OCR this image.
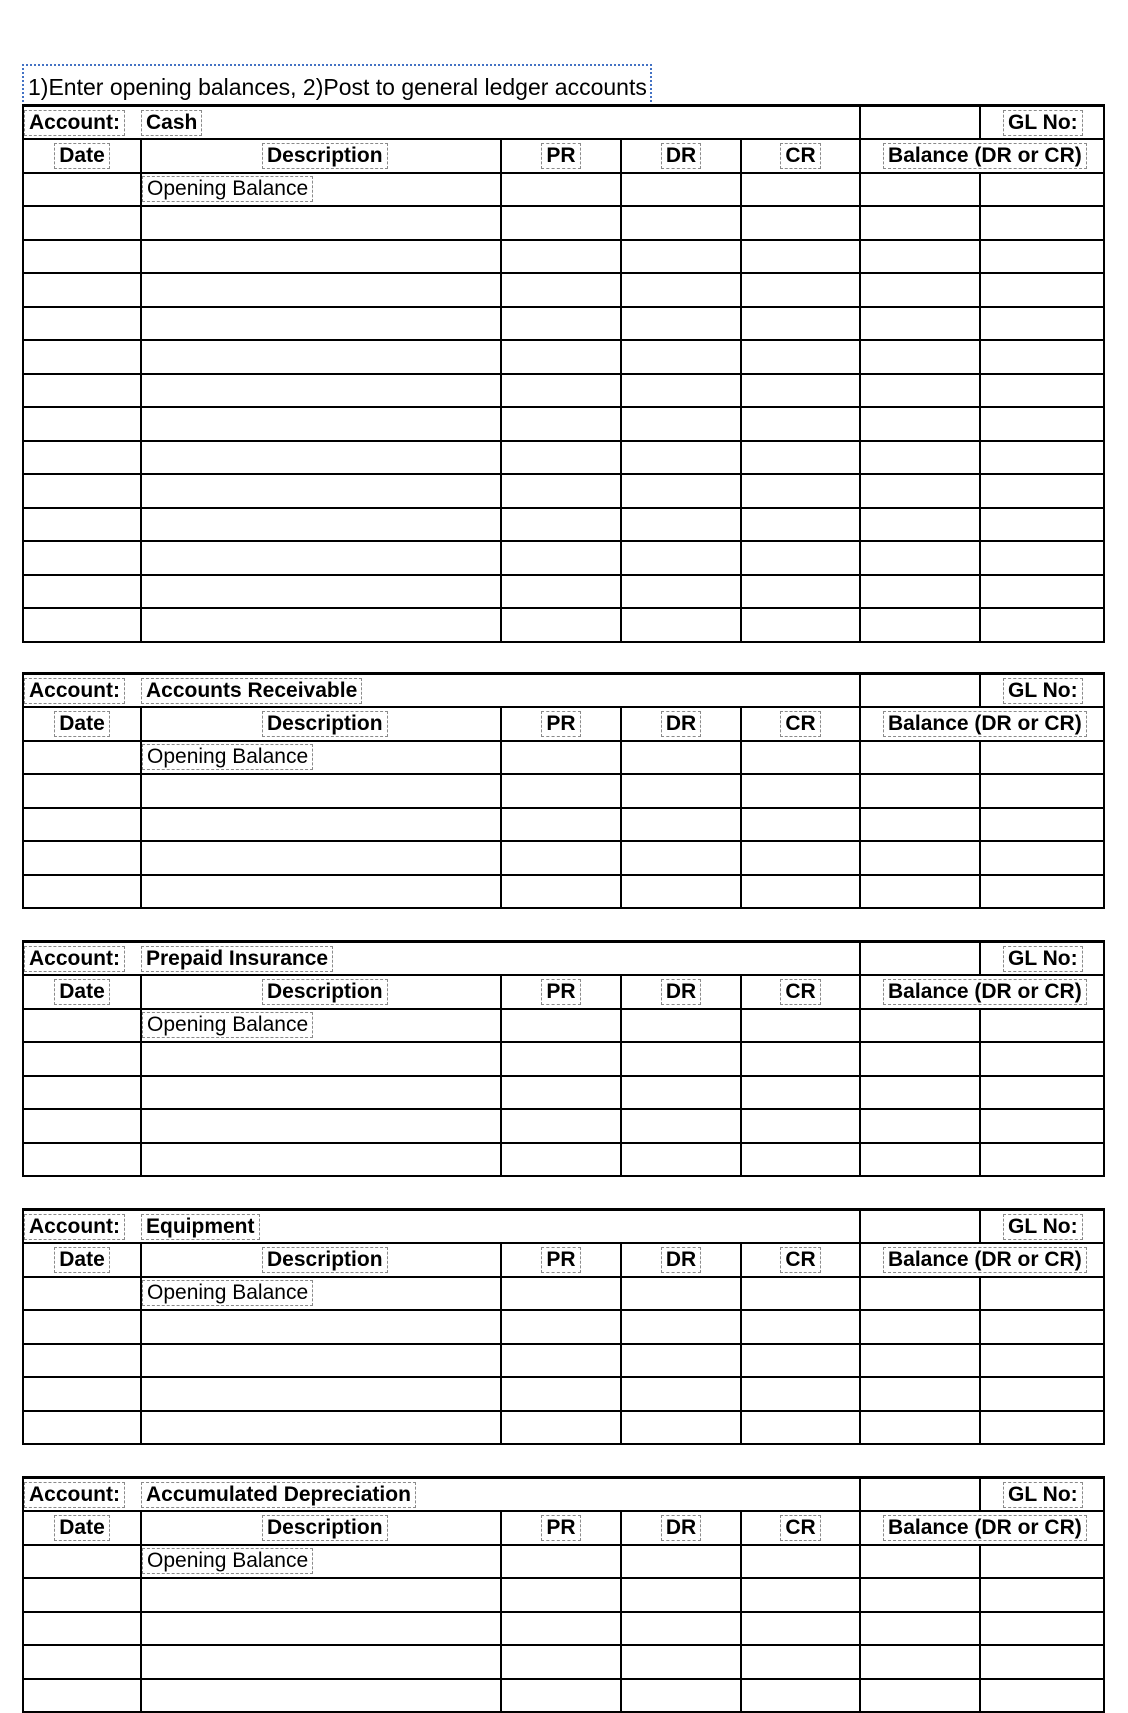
1)Enter opening balances, 2)Post to general ledger accounts
Account:	Cash					GL No:
Date	Description	PR	DR	CR	Balance (DR or CR)	
	Opening Balance					

Account:	Accounts Receivable					GL No:
Date	Description	PR	DR	CR	Balance (DR or CR)	
	Opening Balance					

Account:	Prepaid Insurance					GL No:
Date	Description	PR	DR	CR	Balance (DR or CR)	
	Opening Balance					

Account:	Equipment					GL No:
Date	Description	PR	DR	CR	Balance (DR or CR)	
	Opening Balance					

Account:	Accumulated Depreciation					GL No:
Date	Description	PR	DR	CR	Balance (DR or CR)	
	Opening Balance					
